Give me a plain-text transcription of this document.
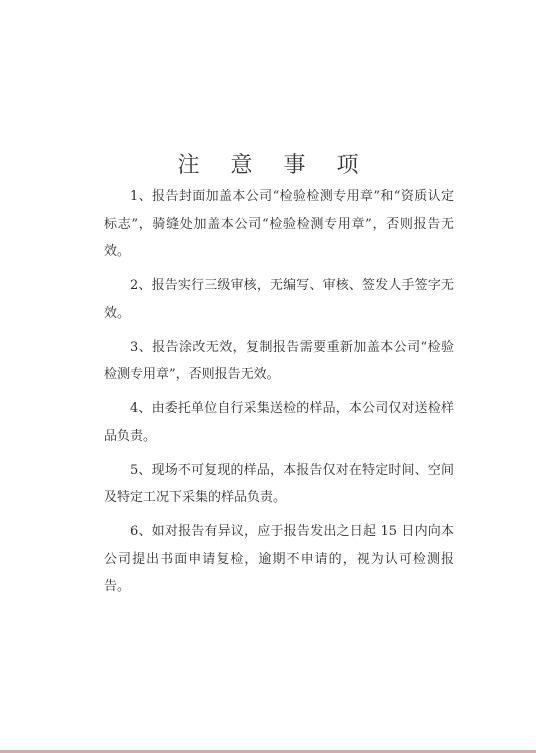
注 意 事 项

1、报告封面加盖本公司“检验检测专用章”和“资质认定标志”，骑缝处加盖本公司“检验检测专用章”，否则报告无效。

2、报告实行三级审核，无编写、审核、签发人手签字无效。

3、报告涂改无效，复制报告需要重新加盖本公司“检验检测专用章”，否则报告无效。

4、由委托单位自行采集送检的样品，本公司仅对送检样品负责。

5、现场不可复现的样品，本报告仅对在特定时间、空间及特定工况下采集的样品负责。

6、如对报告有异议，应于报告发出之日起 15 日内向本公司提出书面申请复检，逾期不申请的，视为认可检测报告。
